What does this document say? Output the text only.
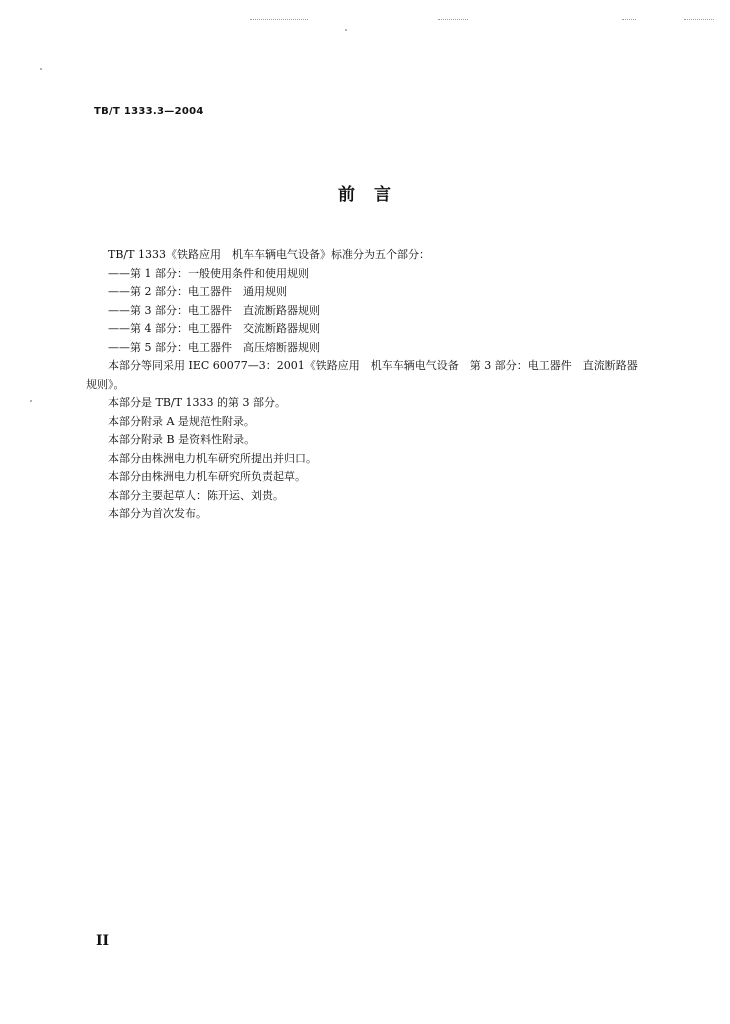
TB/T 1333.3—2004
前　言

TB/T 1333《铁路应用　机车车辆电气设备》标准分为五个部分：

——第 1 部分：一般使用条件和使用规则

——第 2 部分：电工器件　通用规则

——第 3 部分：电工器件　直流断路器规则

——第 4 部分：电工器件　交流断路器规则

——第 5 部分：电工器件　高压熔断器规则

本部分等同采用 IEC 60077—3：2001《铁路应用　机车车辆电气设备　第 3 部分：电工器件　直流断路器规则》。

本部分是 TB/T 1333 的第 3 部分。

本部分附录 A 是规范性附录。

本部分附录 B 是资料性附录。

本部分由株洲电力机车研究所提出并归口。

本部分由株洲电力机车研究所负责起草。

本部分主要起草人：陈开运、刘贵。

本部分为首次发布。

II
